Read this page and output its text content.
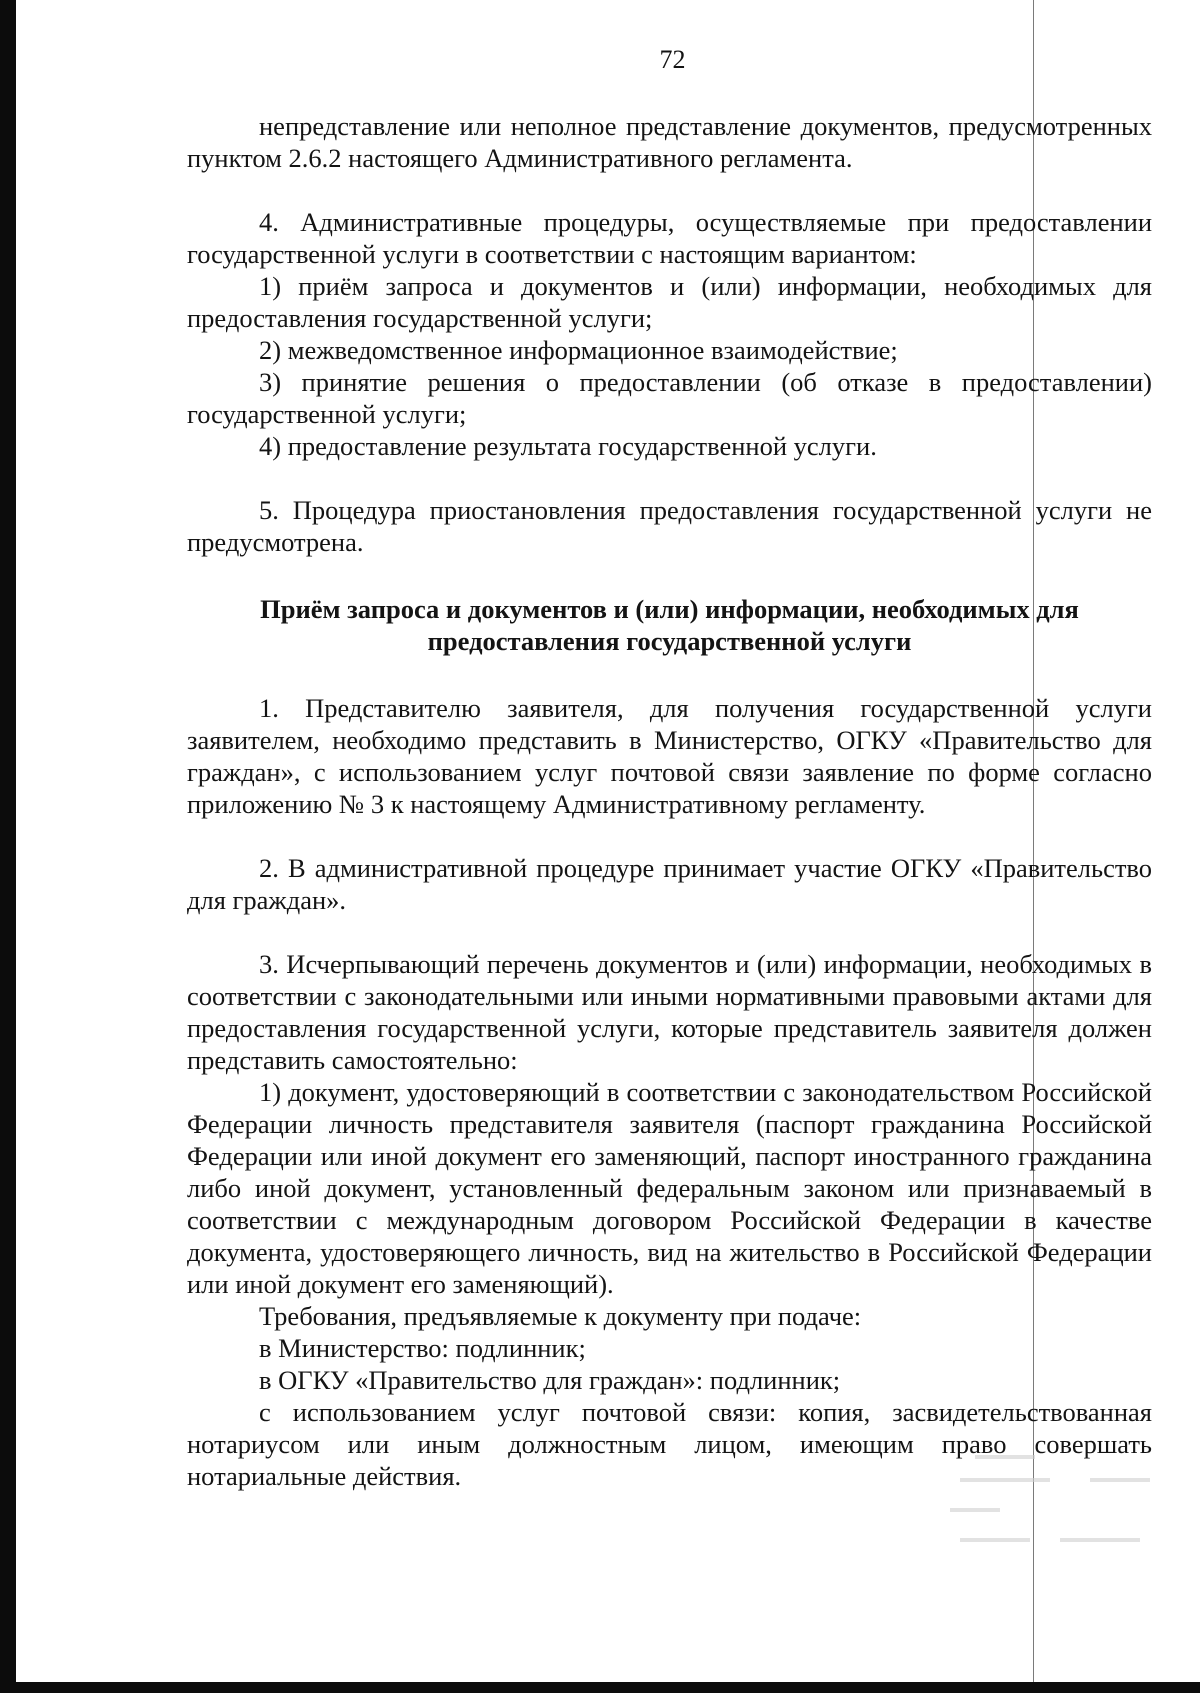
72

непредставление или неполное представление документов, предусмотренных пунктом 2.6.2 настоящего Административного регламента.

4. Административные процедуры, осуществляемые при предоставлении государственной услуги в соответствии с настоящим вариантом:

1) приём запроса и документов и (или) информации, необходимых для предоставления государственной услуги;

2) межведомственное информационное взаимодействие;

3) принятие решения о предоставлении (об отказе в предоставлении) государственной услуги;

4) предоставление результата государственной услуги.

5. Процедура приостановления предоставления государственной услуги не предусмотрена.

Приём запроса и документов и (или) информации, необходимых для предоставления государственной услуги

1. Представителю заявителя, для получения государственной услуги заявителем, необходимо представить в Министерство, ОГКУ «Правительство для граждан», с использованием услуг почтовой связи заявление по форме согласно приложению № 3 к настоящему Административному регламенту.

2. В административной процедуре принимает участие ОГКУ «Правительство для граждан».

3. Исчерпывающий перечень документов и (или) информации, необходимых в соответствии с законодательными или иными нормативными правовыми актами для предоставления государственной услуги, которые представитель заявителя должен представить самостоятельно:

1) документ, удостоверяющий в соответствии с законодательством Российской Федерации личность представителя заявителя (паспорт гражданина Российской Федерации или иной документ его заменяющий, паспорт иностранного гражданина либо иной документ, установленный федеральным законом или признаваемый в соответствии с международным договором Российской Федерации в качестве документа, удостоверяющего личность, вид на жительство в Российской Федерации или иной документ его заменяющий).

Требования, предъявляемые к документу при подаче:

в Министерство: подлинник;

в ОГКУ «Правительство для граждан»: подлинник;

с использованием услуг почтовой связи: копия, засвидетельствованная нотариусом или иным должностным лицом, имеющим право совершать нотариальные действия.
